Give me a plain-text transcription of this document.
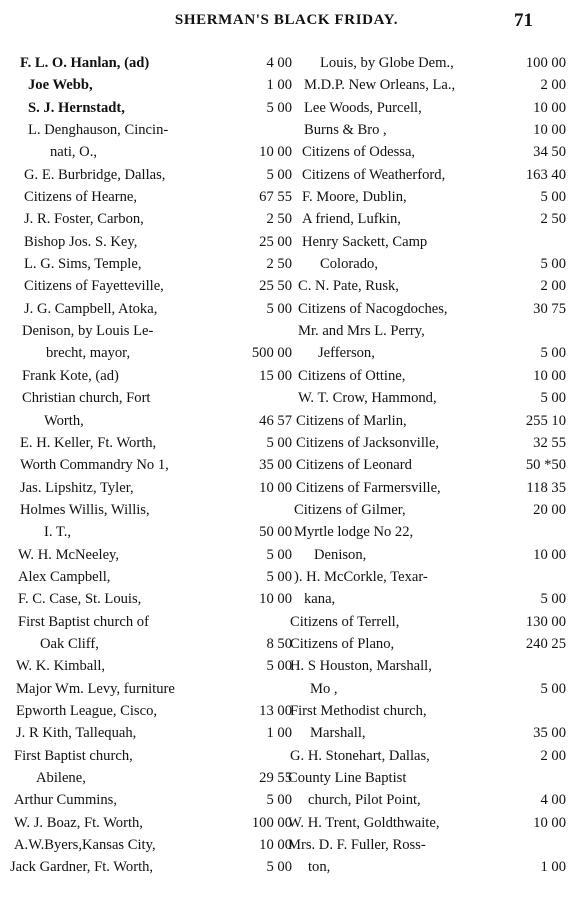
SHERMAN'S BLACK FRIDAY.	71
F. L. O. Hanlan, (ad)	4 00
Joe Webb,	1 00
S. J. Hernstadt,	5 00
L. Denghauson, Cincin-
nati, O.,	10 00
G. E. Burbridge, Dallas,	5 00
Citizens of Hearne,	67 55
J. R. Foster, Carbon,	2 50
Bishop Jos. S. Key,	25 00
L. G. Sims, Temple,	2 50
Citizens of Fayetteville,	25 50
J. G. Campbell, Atoka,	5 00
Denison, by Louis Le-
brecht, mayor,	500 00
Frank Kote, (ad)	15 00
Christian church, Fort
Worth,	46 57
E. H. Keller, Ft. Worth,	5 00
Worth Commandry No 1,	35 00
Jas. Lipshitz, Tyler,	10 00
Holmes Willis, Willis,
I. T.,	50 00
W. H. McNeeley,	5 00
Alex Campbell,	5 00
F. C. Case, St. Louis,	10 00
First Baptist church of
Oak Cliff,	8 50
W. K. Kimball,	5 00
Major Wm. Levy, furniture
Epworth League, Cisco,	13 00
J. R Kith, Tallequah,	1 00
First Baptist church,
Abilene,	29 55
Arthur Cummins,	5 00
W. J. Boaz, Ft. Worth,	100 00
A.W.Byers,Kansas City,	10 00
Jack Gardner, Ft. Worth,	5 00
Louis, by Globe Dem.,	100 00
M.D.P. New Orleans, La.,	2 00
Lee Woods, Purcell,	10 00
Burns & Bro ,	10 00
Citizens of Odessa,	34 50
Citizens of Weatherford,	163 40
F. Moore, Dublin,	5 00
A friend, Lufkin,	2 50
Henry Sackett, Camp
Colorado,	5 00
C. N. Pate, Rusk,	2 00
Citizens of Nacogdoches,	30 75
Mr. and Mrs L. Perry,
Jefferson,	5 00
Citizens of Ottine,	10 00
W. T. Crow, Hammond,	5 00
Citizens of Marlin,	255 10
Citizens of Jacksonville,	32 55
Citizens of Leonard	50 *50
Citizens of Farmersville,	118 35
Citizens of Gilmer,	20 00
Myrtle lodge No 22,
Denison,	10 00
). H. McCorkle, Texar-
kana,	5 00
Citizens of Terrell,	130 00
Citizens of Plano,	240 25
H. S Houston, Marshall,
Mo ,	5 00
First Methodist church,
Marshall,	35 00
G. H. Stonehart, Dallas,	2 00
County Line Baptist
church, Pilot Point,	4 00
W. H. Trent, Goldthwaite,	10 00
Mrs. D. F. Fuller, Ross-
ton,	1 00
